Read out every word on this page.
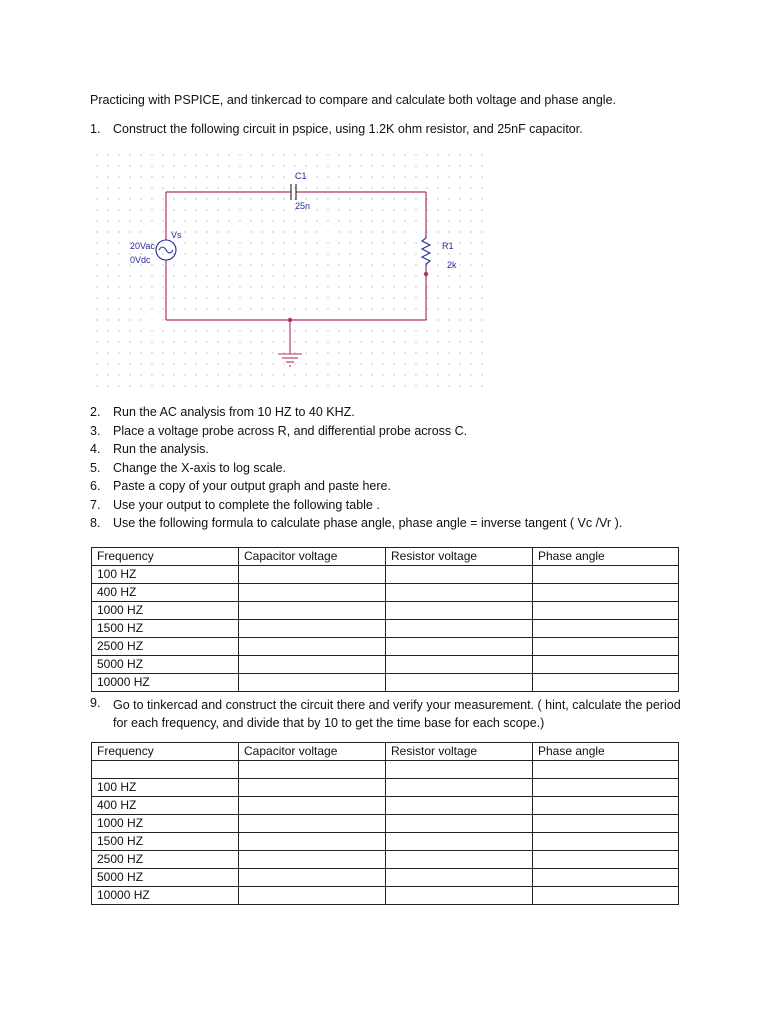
Practicing with PSPICE, and tinkercad to compare and calculate both voltage and phase angle.
1. Construct the following circuit in pspice, using 1.2K ohm resistor, and 25nF capacitor.
C1
25n
Vs
20Vac
0Vdc
R1
2k
2. Run the AC analysis from 10 HZ to 40 KHZ.
3. Place a voltage probe across R, and differential probe across C.
4. Run the analysis.
5. Change the X-axis to log scale.
6. Paste a copy of your output graph and paste here.
7. Use your output to complete the following table .
8. Use the following formula to calculate phase angle, phase angle = inverse tangent ( Vc /Vr ).
Frequency	Capacitor voltage	Resistor voltage	Phase angle
100 HZ			
400 HZ			
1000 HZ			
1500 HZ			
2500 HZ			
5000 HZ			
10000 HZ			
9. Go to tinkercad and construct the circuit there and verify your measurement. ( hint, calculate the period for each frequency, and divide that by 10 to get the time base for each scope.)
Frequency	Capacitor voltage	Resistor voltage	Phase angle

100 HZ			
400 HZ			
1000 HZ			
1500 HZ			
2500 HZ			
5000 HZ			
10000 HZ			
